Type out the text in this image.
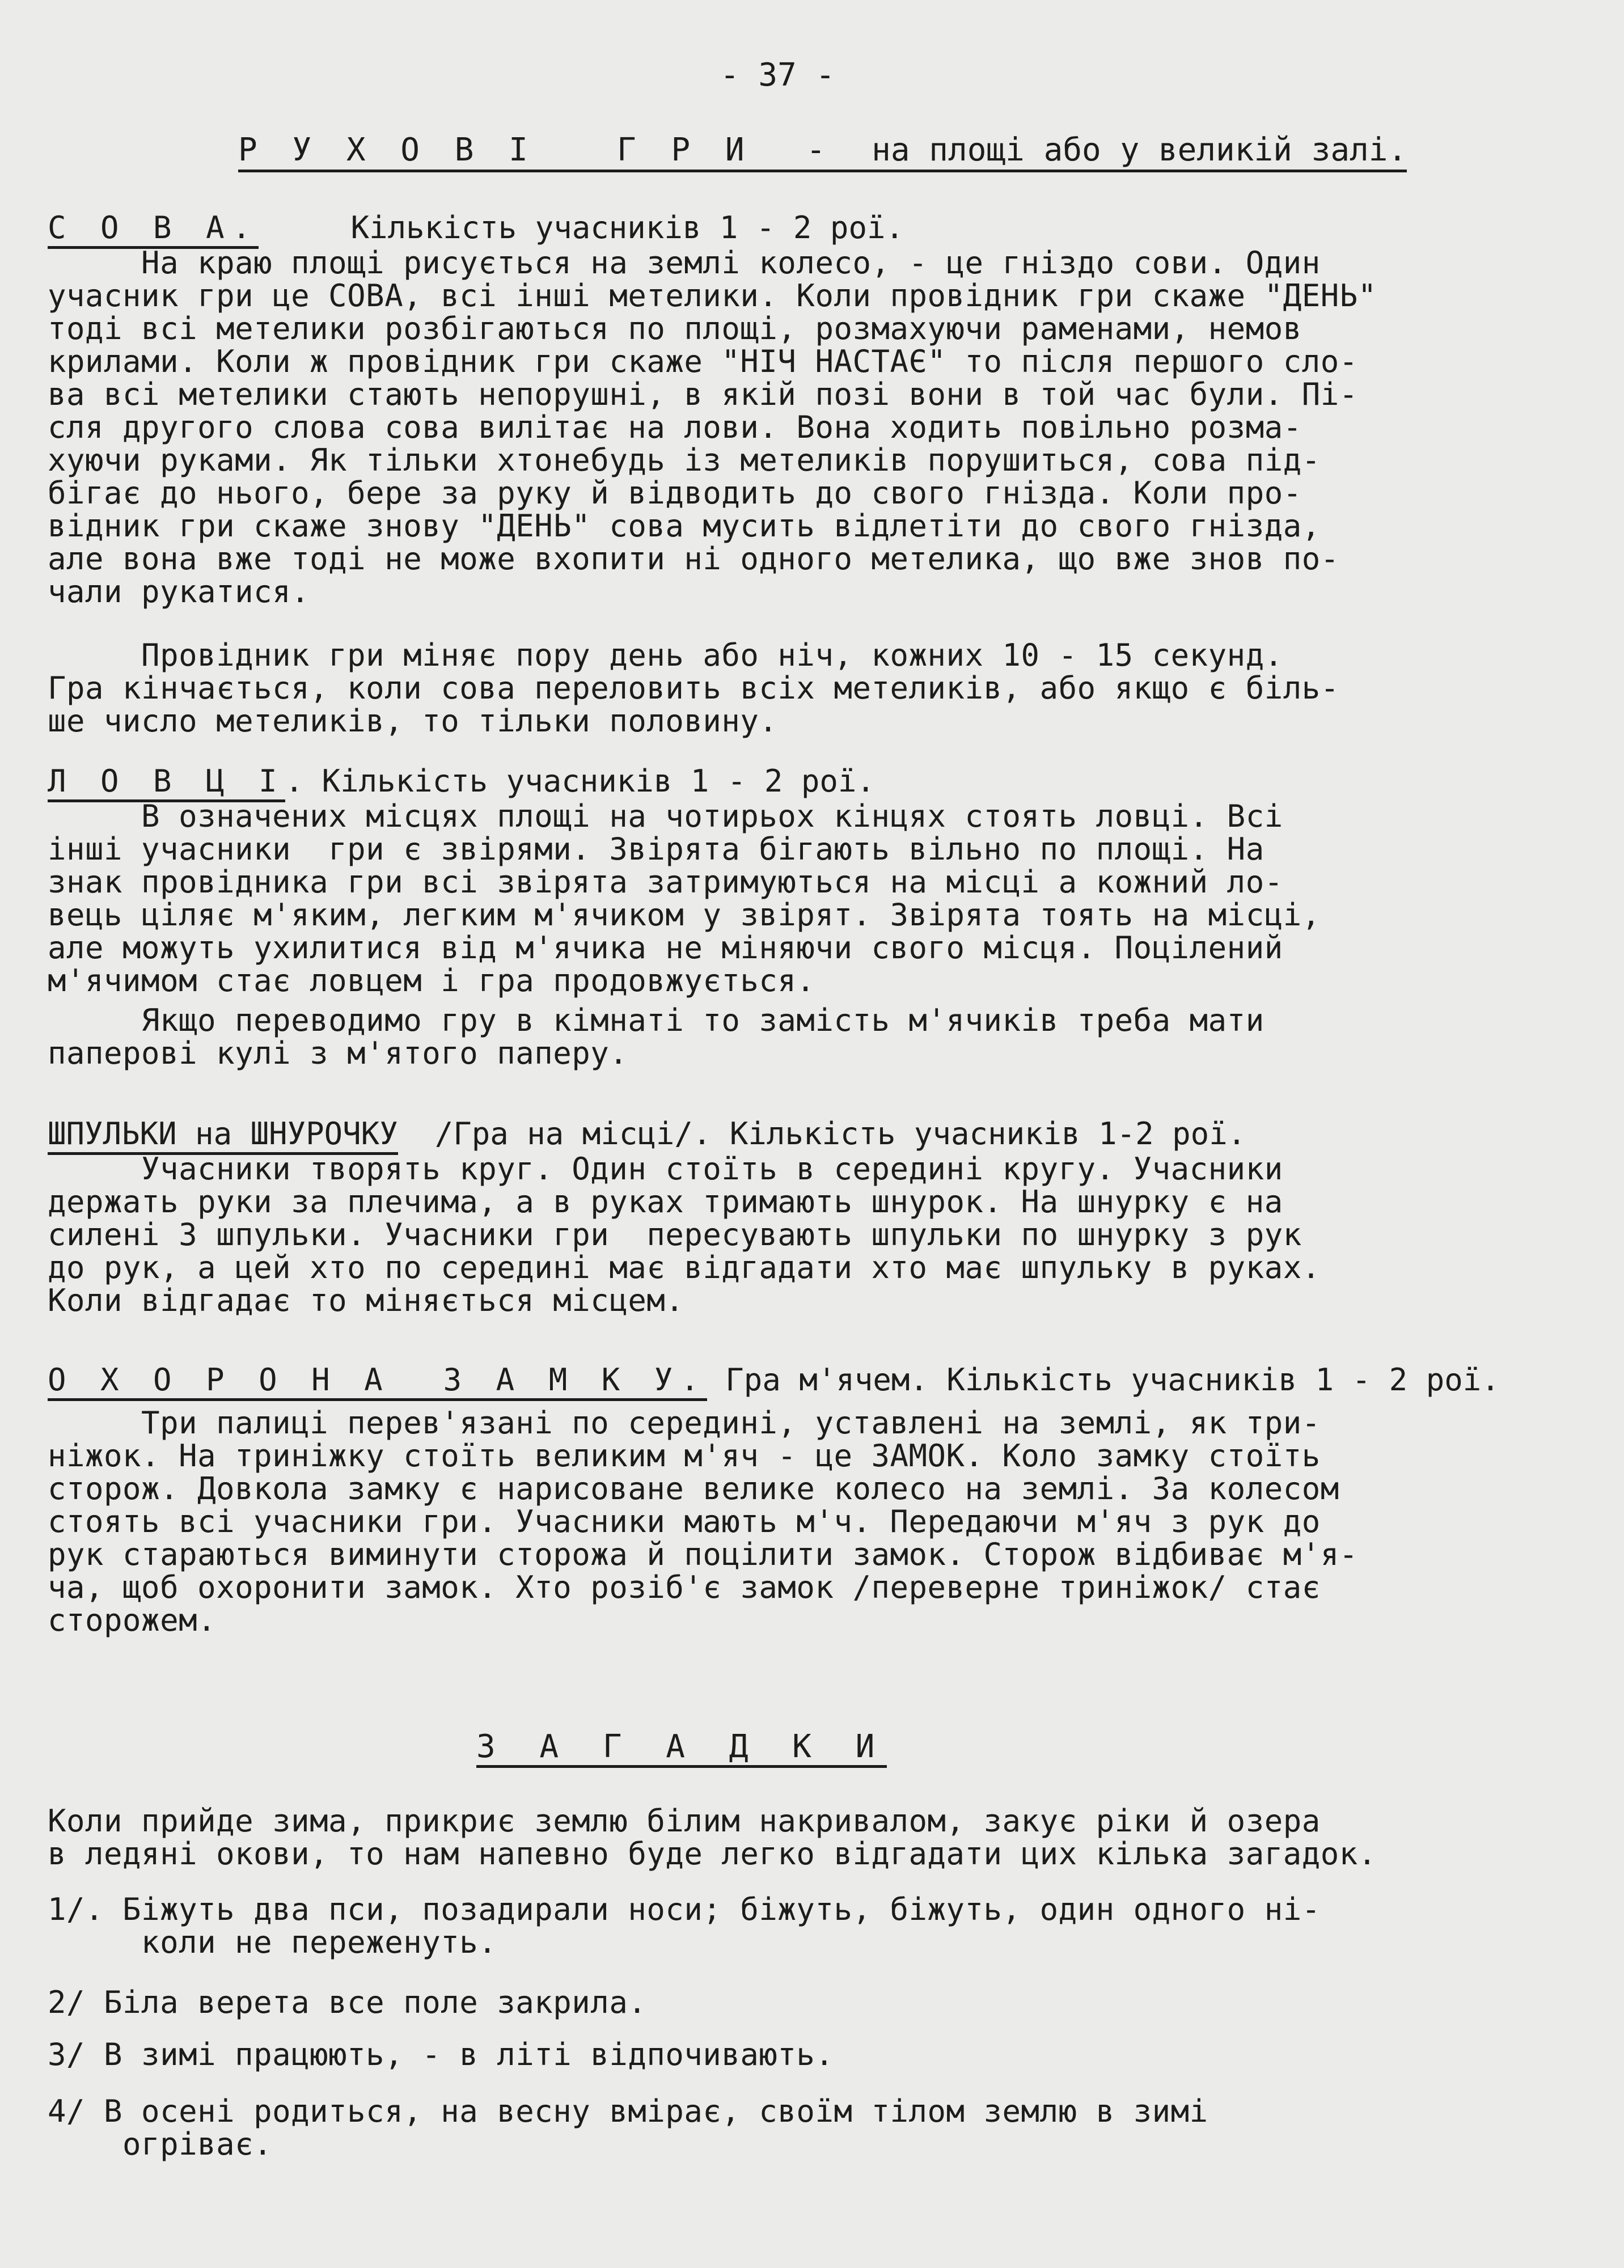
- 37 -
Р У Х О В І   Г Р И  -  на площі або у великій залі.
С О В А.     Кількість учасників 1 - 2 рої.
На краю площі рисується на землі колесо, - це гніздо сови. Один
учасник гри це СОВА, всі інші метелики. Коли провідник гри скаже "ДЕНЬ"
тоді всі метелики розбігаються по площі, розмахуючи раменами, немов
крилами. Коли ж провідник гри скаже "НІЧ НАСТАЄ" то після першого сло-
ва всі метелики стають непорушні, в якій позі вони в той час були. Пі-
сля другого слова сова вилітає на лови. Вона ходить повільно розма-
хуючи руками. Як тільки хтонебудь із метеликів порушиться, сова під-
бігає до нього, бере за руку й відводить до свого гнізда. Коли про-
відник гри скаже знову "ДЕНЬ" сова мусить відлетіти до свого гнізда,
але вона вже тоді не може вхопити ні одного метелика, що вже знов по-
чали рукатися.
Провідник гри міняє пору день або ніч, кожних 10 - 15 секунд.
Гра кінчається, коли сова переловить всіх метеликів, або якщо є біль-
ше число метеликів, то тільки половину.
Л О В Ц І. Кількість учасників 1 - 2 рої.
В означених місцях площі на чотирьох кінцях стоять ловці. Всі
інші учасники  гри є звірями. Звірята бігають вільно по площі. На
знак провідника гри всі звірята затримуються на місці а кожний ло-
вець ціляє м'яким, легким м'ячиком у звірят. Звірята тоять на місці,
але можуть ухилитися від м'ячика не міняючи свого місця. Поцілений
м'ячимом стає ловцем і гра продовжується.
Якщо переводимо гру в кімнаті то замість м'ячиків треба мати
паперові кулі з м'ятого паперу.
ШПУЛЬКИ на ШНУРОЧКУ  /Гра на місці/. Кількість учасників 1-2 рої.
Учасники творять круг. Один стоїть в середині кругу. Учасники
держать руки за плечима, а в руках тримають шнурок. На шнурку є на
силені 3 шпульки. Учасники гри  пересувають шпульки по шнурку з рук
до рук, а цей хто по середині має відгадати хто має шпульку в руках.
Коли відгадає то міняється місцем.
О Х О Р О Н А  З А М К У. Гра м'ячем. Кількість учасників 1 - 2 рої.
Три палиці перев'язані по середині, уставлені на землі, як три-
ніжок. На триніжку стоїть великим м'яч - це ЗАМОК. Коло замку стоїть
сторож. Довкола замку є нарисоване велике колесо на землі. За колесом
стоять всі учасники гри. Учасники мають м'ч. Передаючи м'яч з рук до
рук стараються виминути сторожа й поцілити замок. Сторож відбиває м'я-
ча, щоб охоронити замок. Хто розіб'є замок /переверне триніжок/ стає
сторожем.
З А Г А Д К И
Коли прийде зима, прикриє землю білим накривалом, закує ріки й озера
в ледяні окови, то нам напевно буде легко відгадати цих кілька загадок.
1/. Біжуть два пси, позадирали носи; біжуть, біжуть, один одного ні-
коли не переженуть.
2/ Біла верета все поле закрила.
3/ В зимі працюють, - в літі відпочивають.
4/ В осені родиться, на весну вмірає, своїм тілом землю в зимі
огріває.
